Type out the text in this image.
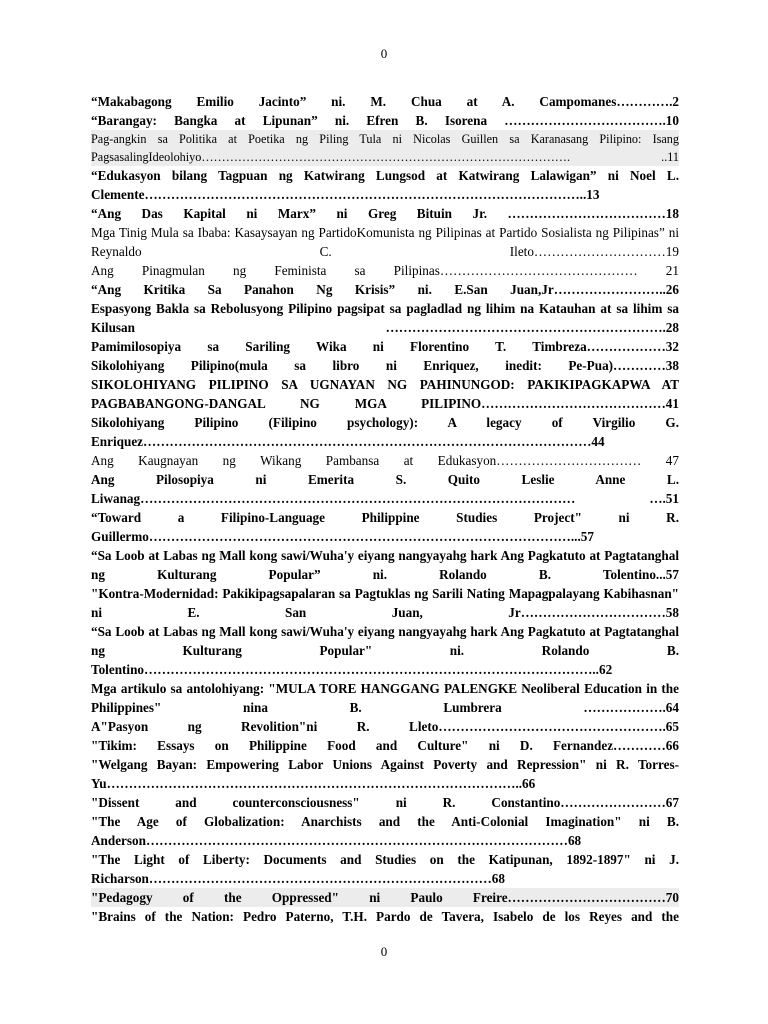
0
“Makabagong Emilio Jacinto” ni. M. Chua at A. Campomanes………….2
“Barangay: Bangka at Lipunan” ni. Efren B. Isorena ……………………………….10
Pag-angkin sa Politika at Poetika ng Piling Tula ni Nicolas Guillen sa Karanasang Pilipino: Isang PagsasalingIdeolohiyo………………………………………………………………………………. ..11
“Edukasyon bilang Tagpuan ng Katwirang Lungsod at Katwirang Lalawigan” ni Noel L. Clemente………………………………………………………………………………………..13
“Ang Das Kapital ni Marx” ni Greg Bituin Jr. ………………………………18
Mga Tinig Mula sa Ibaba: Kasaysayan ng PartidoKomunista ng Pilipinas at Partido Sosialista ng Pilipinas” ni Reynaldo C. Ileto…………………………19
Ang Pinagmulan ng Feminista sa Pilipinas……………………………………… 21
“Ang Kritika Sa Panahon Ng Krisis” ni. E.San Juan,Jr……………………..26
Espasyong Bakla sa Rebolusyong Pilipino pagsipat sa pagladlad ng lihim na Katauhan at sa lihim sa Kilusan ……………………………………………………….28
Pamimilosopiya sa Sariling Wika ni Florentino T. Timbreza………………32
Sikolohiyang Pilipino(mula sa libro ni Enriquez, inedit: Pe-Pua)…………38
SIKOLOHIYANG PILIPINO SA UGNAYAN NG PAHINUNGOD: PAKIKIPAGKAPWA AT PAGBABANGONG-DANGAL NG MGA PILIPINO……………………………………41
Sikolohiyang Pilipino (Filipino psychology): A legacy of Virgilio G. Enriquez…………………………………………………………………………………………44
Ang Kaugnayan ng Wikang Pambansa at Edukasyon…………………………… 47
Ang Pilosopiya ni Emerita S. Quito Leslie Anne L. Liwanag……………………………………………………………………………………… ….51
“Toward a Filipino-Language Philippine Studies Project" ni R. Guillermo……………………………………………………………………………………...57
“Sa Loob at Labas ng Mall kong sawi/Wuha'y eiyang nangyayahg hark Ang Pagkatuto at Pagtatanghal ng Kulturang Popular” ni. Rolando B. Tolentino...57
"Kontra-Modernidad: Pakikipagsapalaran sa Pagtuklas ng Sarili Nating Mapagpalayang Kabihasnan" ni E. San Juan, Jr……………………………58
“Sa Loob at Labas ng Mall kong sawi/Wuha'y eiyang nangyayahg hark Ang Pagkatuto at Pagtatanghal ng Kulturang Popular" ni. Rolando B. Tolentino…………………………………………………………………………………………..62
Mga artikulo sa antolohiyang: "MULA TORE HANGGANG PALENGKE Neoliberal Education in the Philippines" nina B. Lumbrera ……………….64
A"Pasyon ng Revolition"ni R. Lleto…………………………………………….65
"Tikim: Essays on Philippine Food and Culture" ni D. Fernandez…………66
"Welgang Bayan: Empowering Labor Unions Against Poverty and Repression" ni R. Torres-Yu…………………………………………………………………………………..66
"Dissent and counterconsciousness" ni R. Constantino……………………67
"The Age of Globalization: Anarchists and the Anti-Colonial Imagination" ni B. Anderson……………………………………………………………………………………68
"The Light of Liberty: Documents and Studies on the Katipunan, 1892-1897" ni J. Richarson……………………………………………………………………68
"Pedagogy of the Oppressed" ni Paulo Freire………………………………70
"Brains of the Nation: Pedro Paterno, T.H. Pardo de Tavera, Isabelo de los Reyes and the
0
